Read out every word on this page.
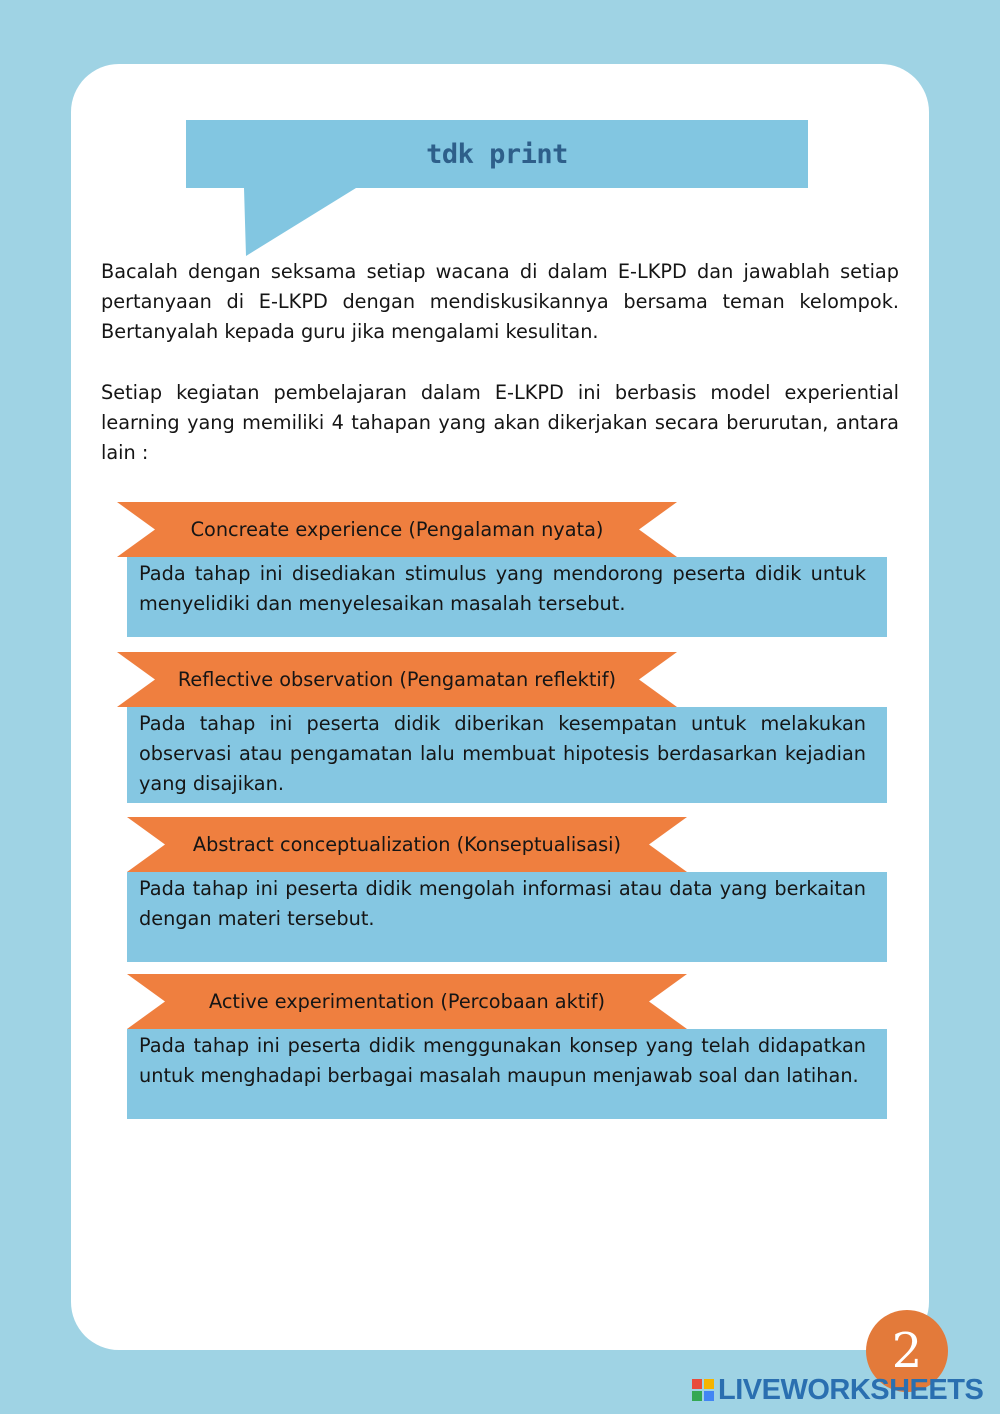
tdk print
Bacalah dengan seksama setiap wacana di dalam E-LKPD dan jawablah setiap pertanyaan di E-LKPD dengan mendiskusikannya bersama teman kelompok. Bertanyalah kepada guru jika mengalami kesulitan.
Setiap kegiatan pembelajaran dalam E-LKPD ini berbasis model experiential learning yang memiliki 4 tahapan yang akan dikerjakan secara berurutan, antara lain :
Concreate experience (Pengalaman nyata)
Pada tahap ini disediakan stimulus yang mendorong peserta didik untuk menyelidiki dan menyelesaikan masalah tersebut.
Reflective observation (Pengamatan reflektif)
Pada tahap ini peserta didik diberikan kesempatan untuk melakukan observasi atau pengamatan lalu membuat hipotesis berdasarkan kejadian yang disajikan.
Abstract conceptualization (Konseptualisasi)
Pada tahap ini peserta didik mengolah informasi atau data yang berkaitan dengan materi tersebut.
Active experimentation (Percobaan aktif)
Pada tahap ini peserta didik menggunakan konsep yang telah didapatkan untuk menghadapi berbagai masalah maupun menjawab soal dan latihan.
2
LIVEWORKSHEETS
